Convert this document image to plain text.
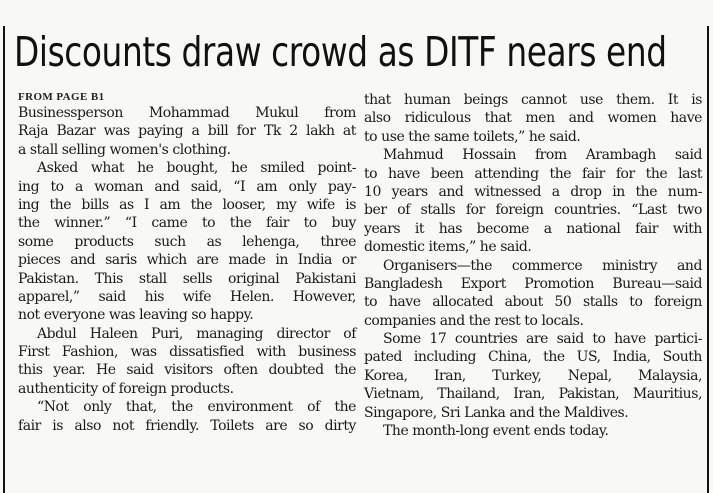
Discounts draw crowd as DITF nears end
FROM PAGE B1
Businessperson Mohammad Mukul from
Raja Bazar was paying a bill for Tk 2 lakh at
a stall selling women's clothing.
Asked what he bought, he smiled point-
ing to a woman and said, “I am only pay-
ing the bills as I am the looser, my wife is
the winner.” “I came to the fair to buy
some products such as lehenga, three
pieces and saris which are made in India or
Pakistan. This stall sells original Pakistani
apparel,” said his wife Helen. However,
not everyone was leaving so happy.
Abdul Haleen Puri, managing director of
First Fashion, was dissatisfied with business
this year. He said visitors often doubted the
authenticity of foreign products.
“Not only that, the environment of the
fair is also not friendly. Toilets are so dirty
that human beings cannot use them. It is
also ridiculous that men and women have
to use the same toilets,” he said.
Mahmud Hossain from Arambagh said
to have been attending the fair for the last
10 years and witnessed a drop in the num-
ber of stalls for foreign countries. “Last two
years it has become a national fair with
domestic items,” he said.
Organisers—the commerce ministry and
Bangladesh Export Promotion Bureau—said
to have allocated about 50 stalls to foreign
companies and the rest to locals.
Some 17 countries are said to have partici-
pated including China, the US, India, South
Korea, Iran, Turkey, Nepal, Malaysia,
Vietnam, Thailand, Iran, Pakistan, Mauritius,
Singapore, Sri Lanka and the Maldives.
The month-long event ends today.
